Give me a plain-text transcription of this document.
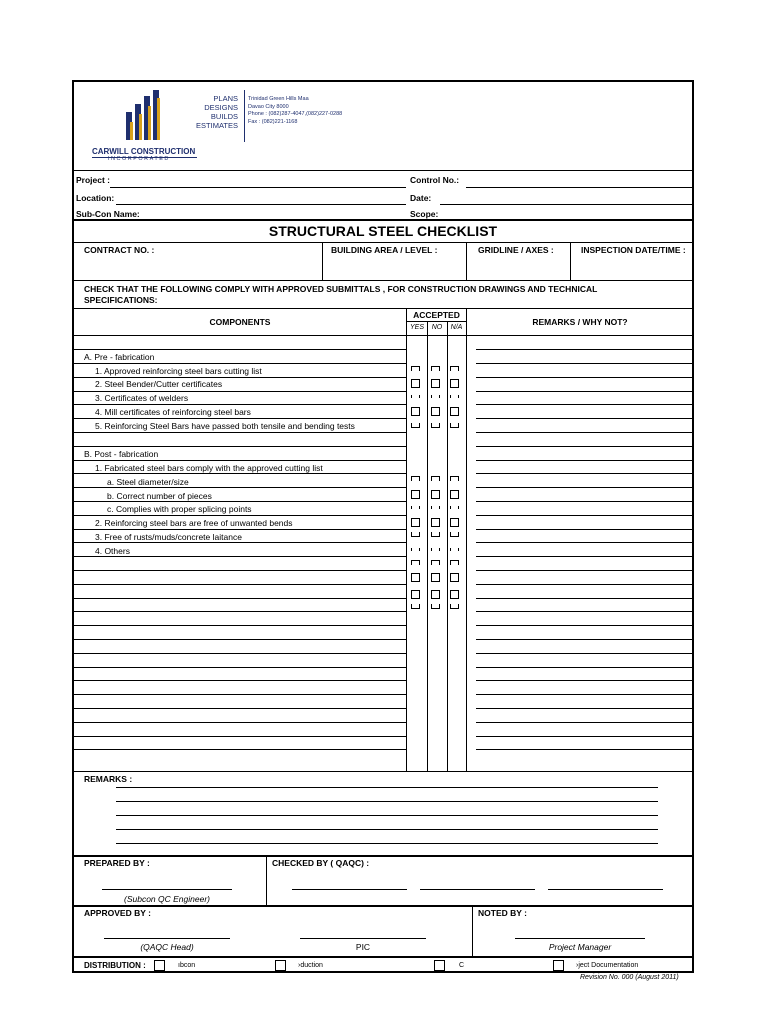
CARWILL CONSTRUCTION
INCORPORATED
PLANS
DESIGNS
BUILDS
ESTIMATES
Trinidad Green Hills Maa
Davao City 8000
Phone : (082)287-4047,(082)227-0288
Fax : (082)221-1168
Project :	Control No.:
Location:	Date:
Sub-Con Name:	Scope:
STRUCTURAL STEEL CHECKLIST
CONTRACT NO. :	BUILDING AREA / LEVEL :	GRIDLINE / AXES :	INSPECTION DATE/TIME :
CHECK THAT THE FOLLOWING COMPLY WITH APPROVED SUBMITTALS , FOR CONSTRUCTION DRAWINGS AND TECHNICAL
SPECIFICATIONS:
COMPONENTS
ACCEPTED
YES	NO	N/A
REMARKS / WHY NOT?
A. Pre - fabrication
1. Approved reinforcing steel bars cutting list
2. Steel Bender/Cutter certificates
3. Certificates of welders
4. Mill certificates of reinforcing steel bars
5. Reinforcing Steel Bars have passed both tensile and bending tests
B. Post - fabrication
1. Fabricated steel bars comply with the approved cutting list
a. Steel diameter/size
b. Correct number of pieces
c. Complies with proper splicing points
2. Reinforcing steel bars are free of unwanted bends
3. Free of rusts/muds/concrete laitance
4. Others
REMARKS :
PREPARED BY :	CHECKED BY ( QAQC) :
(Subcon QC Engineer)
APPROVED BY :	NOTED BY :
(QAQC Head)	PIC	Project Manager
DISTRIBUTION :	ıbcon	›duction	C	›ject Documentation
Revision No. 000 (August 2011)
